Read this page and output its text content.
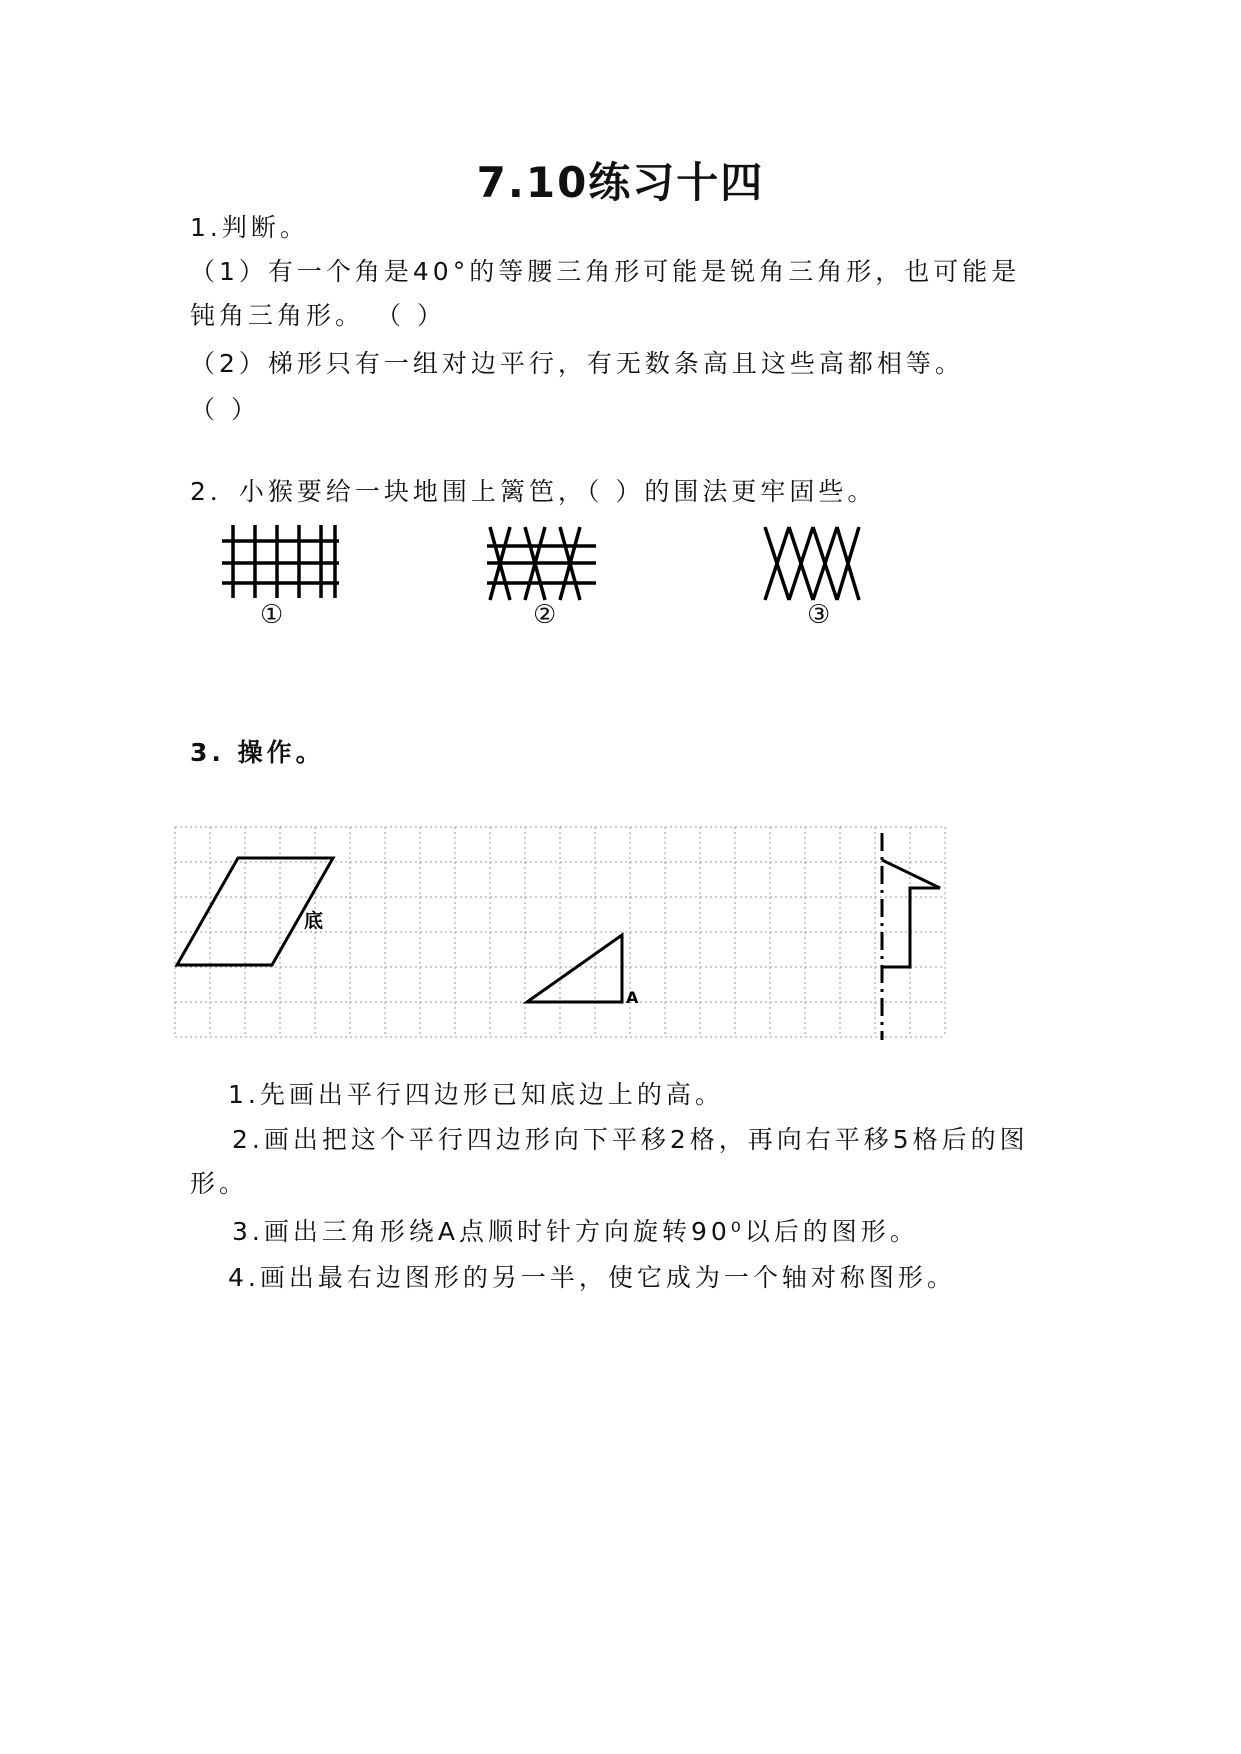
7.10练习十四
1.判断。
（1）有一个角是40°的等腰三角形可能是锐角三角形，也可能是
钝角三角形。 （ ）
（2）梯形只有一组对边平行，有无数条高且这些高都相等。
（ ）
2．小猴要给一块地围上篱笆，（ ）的围法更牢固些。
①	②	③
3. 操作。
底
A
1.先画出平行四边形已知底边上的高。
2.画出把这个平行四边形向下平移2格，再向右平移5格后的图
形。
3.画出三角形绕A点顺时针方向旋转90⁰以后的图形。
4.画出最右边图形的另一半，使它成为一个轴对称图形。
